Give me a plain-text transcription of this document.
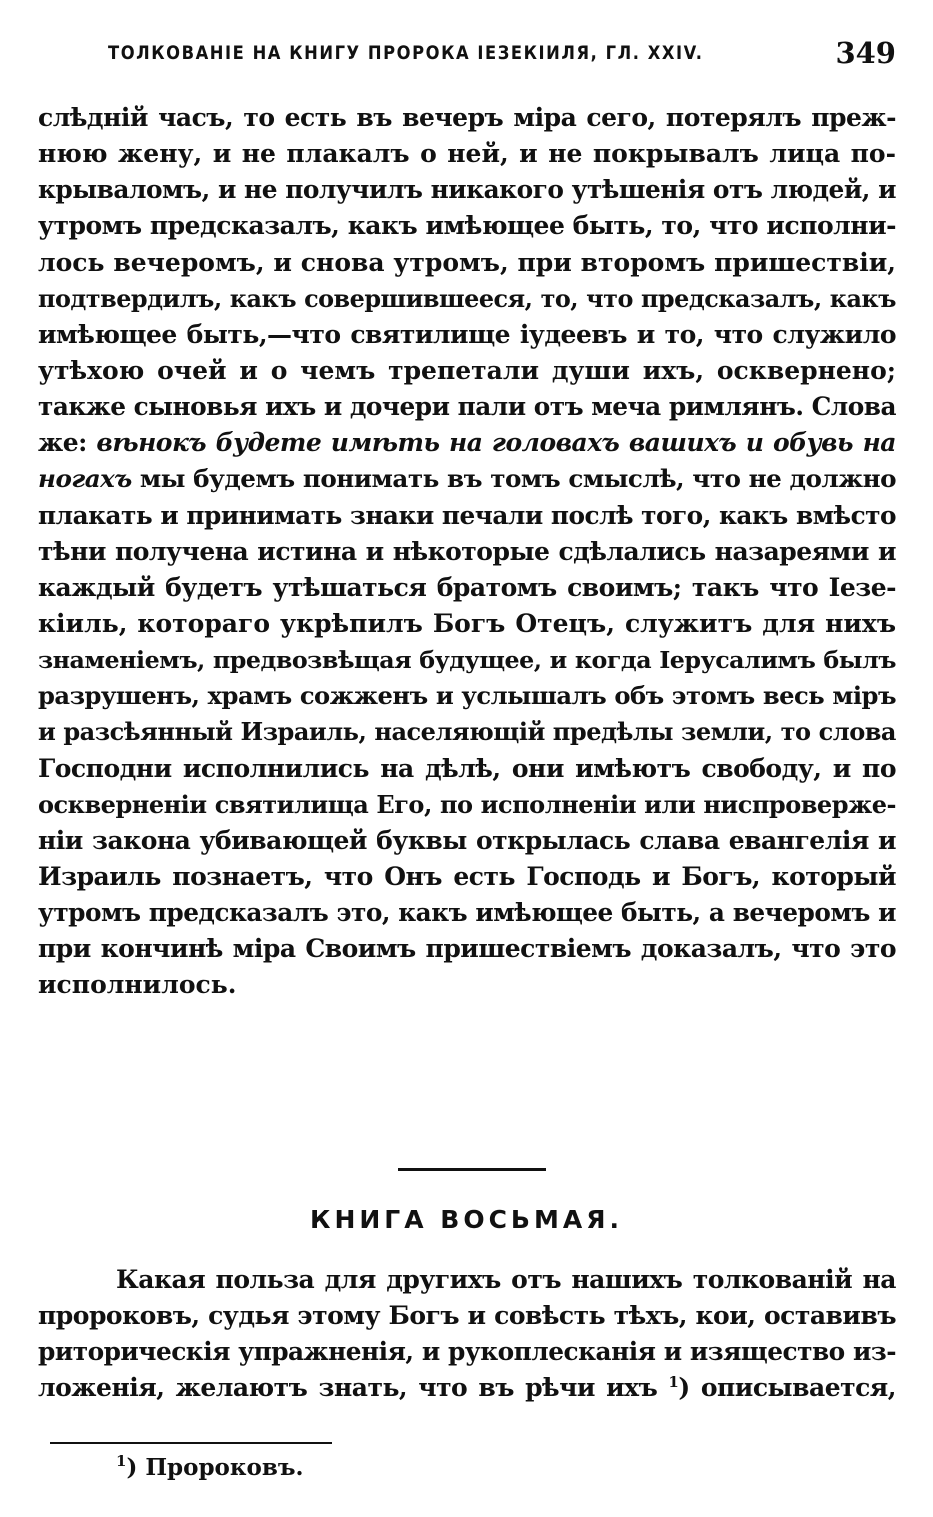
ТОЛКОВАНІЕ НА КНИГУ ПРОРОКА ІЕЗЕКІИЛЯ, ГЛ. XXIV.	349
слѣдній часъ, то есть въ вечеръ міра сего, потерялъ преж-
нюю жену, и не плакалъ о ней, и не покрывалъ лица по-
крываломъ, и не получилъ никакого утѣшенія отъ людей, и
утромъ предсказалъ, какъ имѣющее быть, то, что исполни-
лось вечеромъ, и снова утромъ, при второмъ пришествіи,
подтвердилъ, какъ совершившееся, то, что предсказалъ, какъ
имѣющее быть,—что святилище іудеевъ и то, что служило
утѣхою очей и о чемъ трепетали души ихъ, осквернено;
также сыновья ихъ и дочери пали отъ меча римлянъ. Слова
же: вѣнокъ будете имѣть на головахъ вашихъ и обувь на
ногахъ мы будемъ понимать въ томъ смыслѣ, что не должно
плакать и принимать знаки печали послѣ того, какъ вмѣсто
тѣни получена истина и нѣкоторые сдѣлались назареями и
каждый будетъ утѣшаться братомъ своимъ; такъ что Іезе-
кіиль, котораго укрѣпилъ Богъ Отецъ, служитъ для нихъ
знаменіемъ, предвозвѣщая будущее, и когда Іерусалимъ былъ
разрушенъ, храмъ сожженъ и услышалъ объ этомъ весь міръ
и разсѣянный Израиль, населяющій предѣлы земли, то слова
Господни исполнились на дѣлѣ, они имѣютъ свободу, и по
оскверненіи святилища Его, по исполненіи или ниспроверже-
ніи закона убивающей буквы открылась слава евангелія и
Израиль познаетъ, что Онъ есть Господь и Богъ, который
утромъ предсказалъ это, какъ имѣющее быть, а вечеромъ и
при кончинѣ міра Своимъ пришествіемъ доказалъ, что это
исполнилось.
КНИГА ВОСЬМАЯ.
Какая польза для другихъ отъ нашихъ толкованій на
пророковъ, судья этому Богъ и совѣсть тѣхъ, кои, оставивъ
риторическія упражненія, и рукоплесканія и изящество из-
ложенія, желаютъ знать, что въ рѣчи ихъ $^1$) описывается,
$^1$) Пророковъ.
